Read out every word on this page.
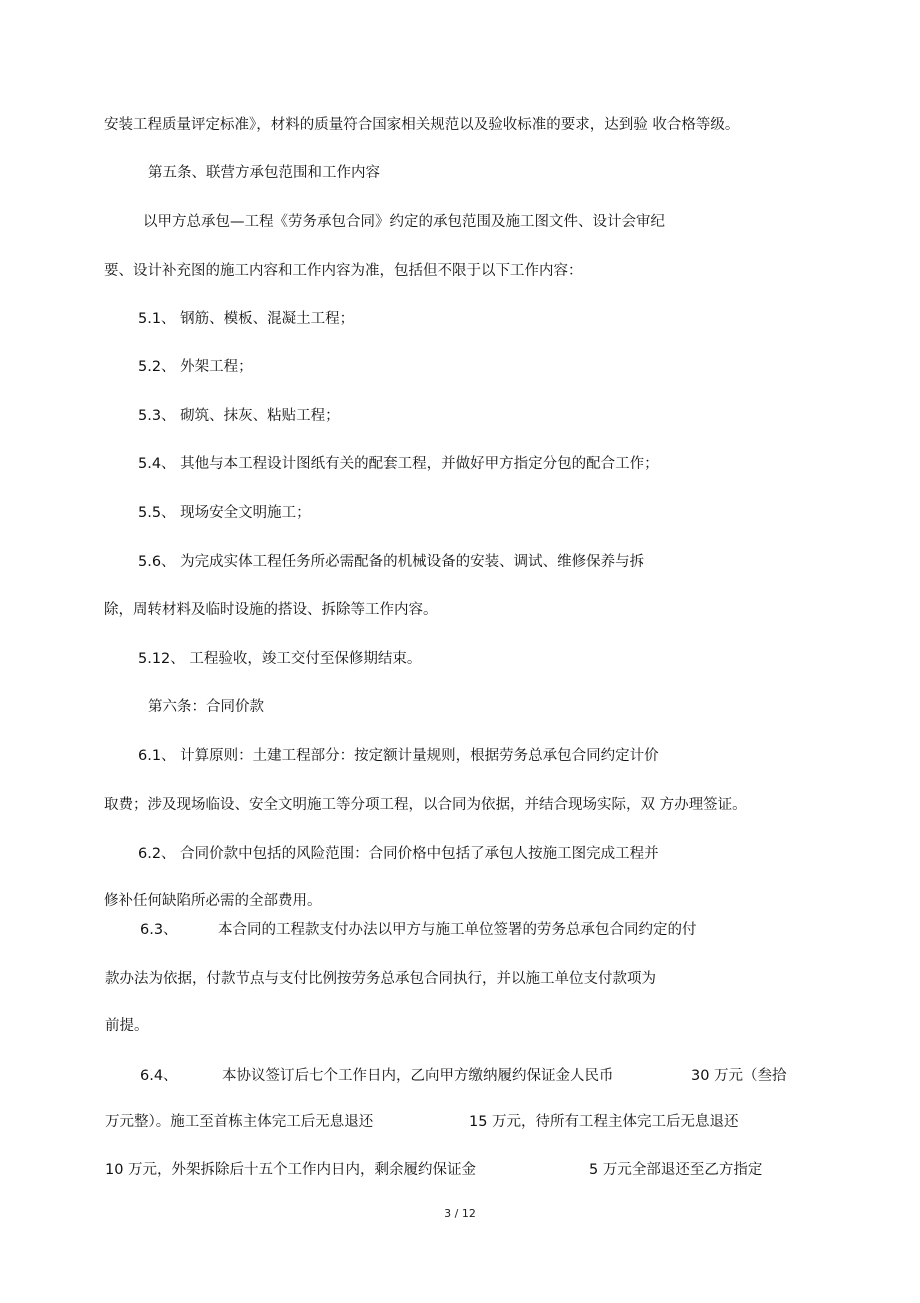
安装工程质量评定标准》，材料的质量符合国家相关规范以及验收标准的要求，达到验 收合格等级。

第五条、联营方承包范围和工作内容

以甲方总承包—工程《劳务承包合同》约定的承包范围及施工图文件、设计会审纪

要、设计补充图的施工内容和工作内容为准，包括但不限于以下工作内容：

5.1、 钢筋、模板、混凝土工程；

5.2、 外架工程；

5.3、 砌筑、抹灰、粘贴工程；

5.4、 其他与本工程设计图纸有关的配套工程，并做好甲方指定分包的配合工作；

5.5、 现场安全文明施工；

5.6、 为完成实体工程任务所必需配备的机械设备的安装、调试、维修保养与拆

除，周转材料及临时设施的搭设、拆除等工作内容。

5.12、 工程验收，竣工交付至保修期结束。

第六条：合同价款

6.1、 计算原则：土建工程部分：按定额计量规则，根据劳务总承包合同约定计价

取费；涉及现场临设、安全文明施工等分项工程，以合同为依据，并结合现场实际，双 方办理签证。

6.2、 合同价款中包括的风险范围：合同价格中包括了承包人按施工图完成工程并

修补任何缺陷所必需的全部费用。

6.3、	本合同的工程款支付办法以甲方与施工单位签署的劳务总承包合同约定的付

款办法为依据，付款节点与支付比例按劳务总承包合同执行，并以施工单位支付款项为

前提。

6.4、	本协议签订后七个工作日内，乙向甲方缴纳履约保证金人民币	30 万元（叁拾

万元整）。施工至首栋主体完工后无息退还	15 万元，待所有工程主体完工后无息退还

10 万元，外架拆除后十五个工作内日内，剩余履约保证金	5 万元全部退还至乙方指定

3 / 12
